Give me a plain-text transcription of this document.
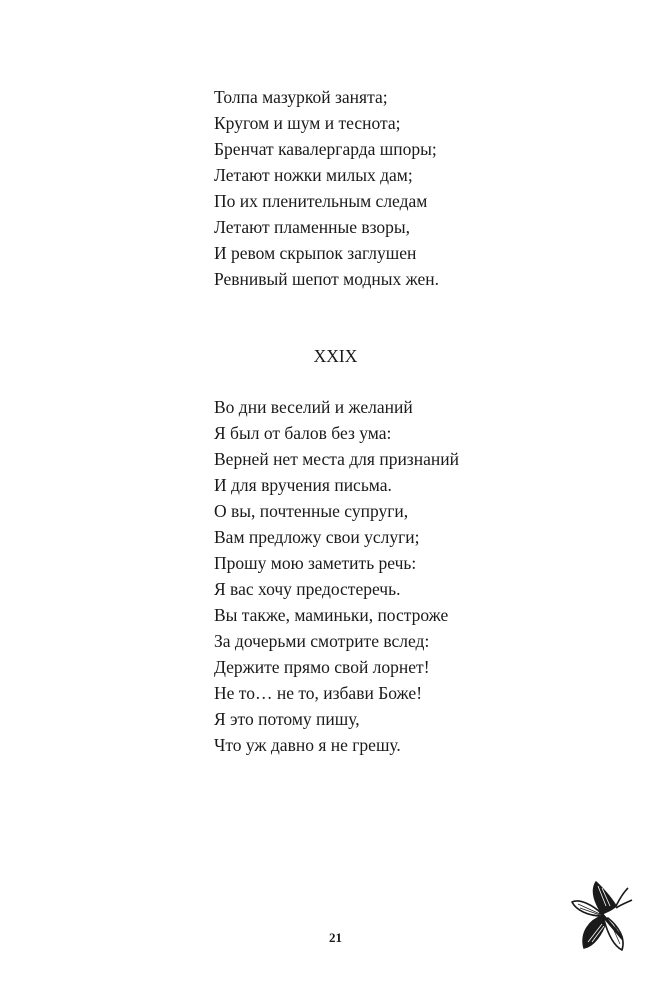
Толпа мазуркой занята;
Кругом и шум и теснота;
Бренчат кавалергарда шпоры;
Летают ножки милых дам;
По их пленительным следам
Летают пламенные взоры,
И ревом скрыпок заглушен
Ревнивый шепот модных жен.
XXIX
Во дни веселий и желаний
Я был от балов без ума:
Верней нет места для признаний
И для вручения письма.
О вы, почтенные супруги,
Вам предложу свои услуги;
Прошу мою заметить речь:
Я вас хочу предостеречь.
Вы также, маминьки, построже
За дочерьми смотрите вслед:
Держите прямо свой лорнет!
Не то… не то, избави Боже!
Я это потому пишу,
Что уж давно я не грешу.
21
